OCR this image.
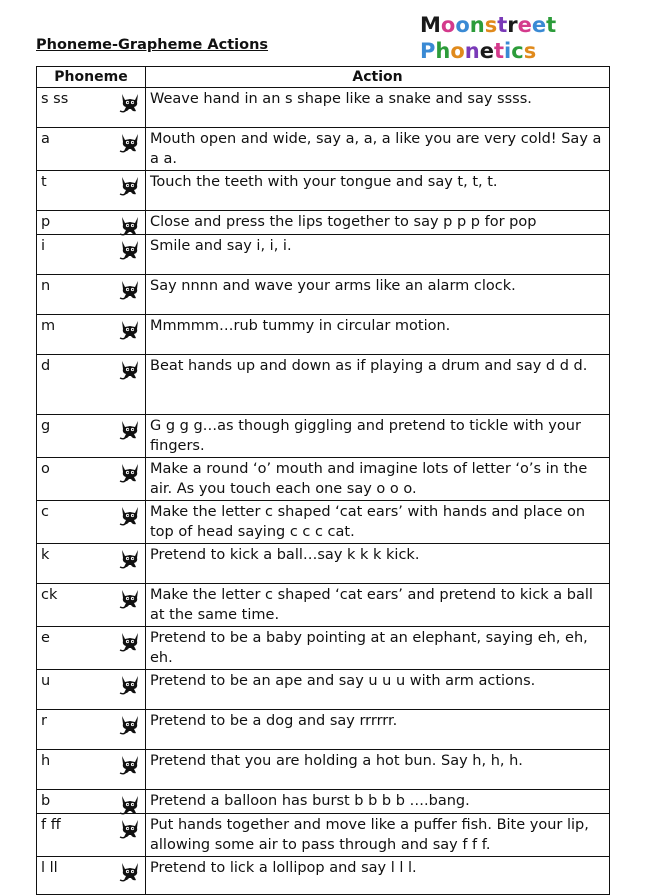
Phoneme-Grapheme Actions
Moonstreet
Phonetics
Phoneme	Action

s ss	Weave hand in an s shape like a snake and say ssss.

a	Mouth open and wide, say a, a, a like you are very cold! Say a a a.

t	Touch the teeth with your tongue and say t, t, t.

p	Close and press the lips together to say p p p for pop

i	Smile and say i, i, i.

n	Say nnnn and wave your arms like an alarm clock.

m	Mmmmm…rub tummy in circular motion.

d	Beat hands up and down as if playing a drum and say d d d.

g	G g g g…as though giggling and pretend to tickle with your fingers.

o	Make a round ‘o’ mouth and imagine lots of letter ‘o’s in the air. As you touch each one say o o o.

c	Make the letter c shaped ‘cat ears’ with hands and place on top of head saying c c c cat.

k	Pretend to kick a ball…say k k k kick.

ck	Make the letter c shaped ‘cat ears’ and pretend to kick a ball at the same time.

e	Pretend to be a baby pointing at an elephant, saying eh, eh, eh.

u	Pretend to be an ape and say u u u with arm actions.

r	Pretend to be a dog and say rrrrrr.

h	Pretend that you are holding a hot bun. Say h, h, h.

b	Pretend a balloon has burst b b b b ….bang.

f ff	Put hands together and move like a puffer fish. Bite your lip, allowing some air to pass through and say f f f.

l ll	Pretend to lick a lollipop and say l l l.
